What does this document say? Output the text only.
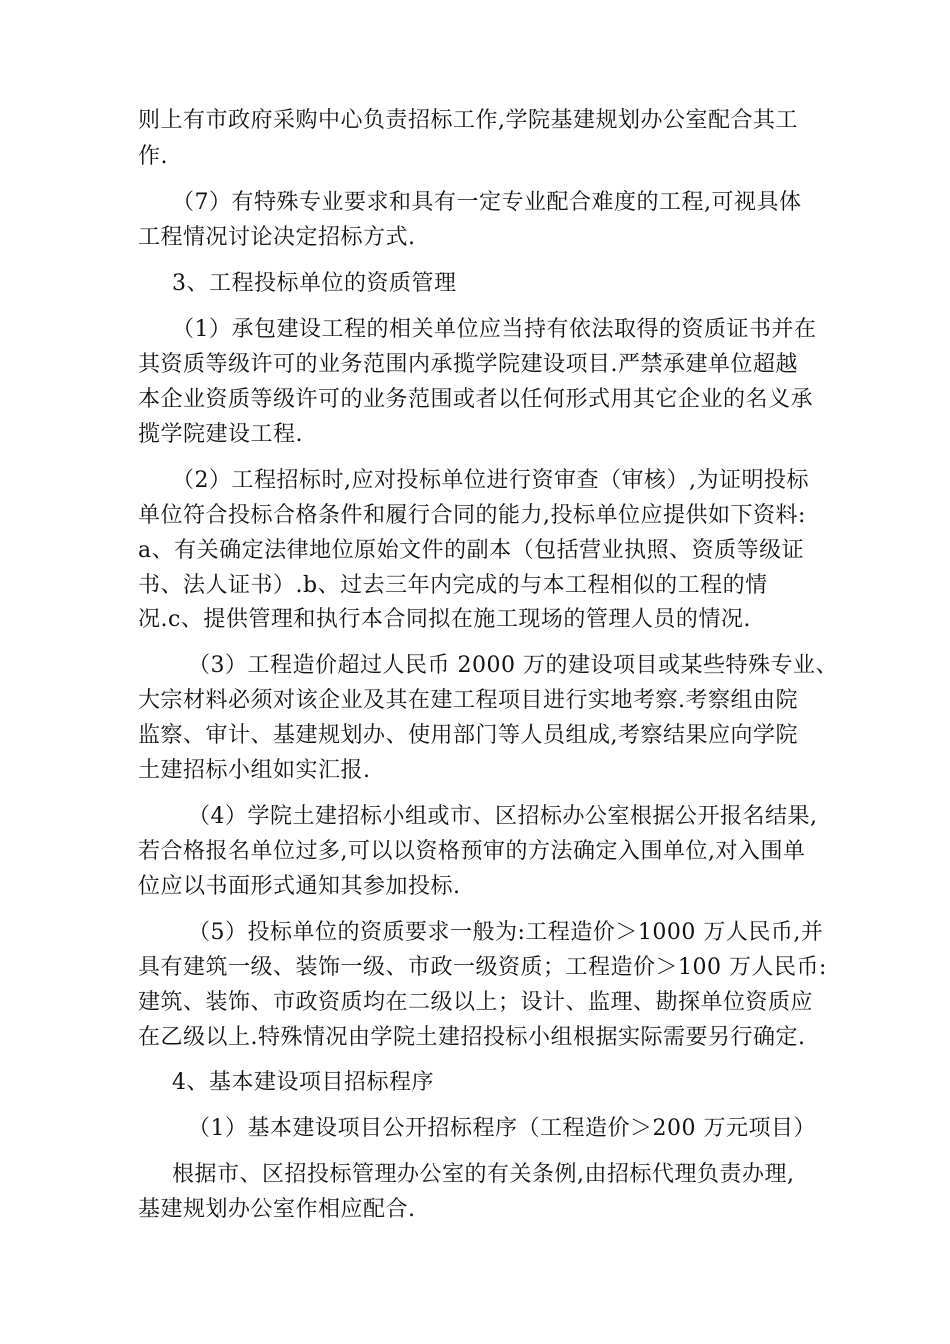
则上有市政府采购中心负责招标工作,学院基建规划办公室配合其工
作.
（7）有特殊专业要求和具有一定专业配合难度的工程,可视具体
工程情况讨论决定招标方式.
3、工程投标单位的资质管理
（1）承包建设工程的相关单位应当持有依法取得的资质证书并在
其资质等级许可的业务范围内承揽学院建设项目.严禁承建单位超越
本企业资质等级许可的业务范围或者以任何形式用其它企业的名义承
揽学院建设工程.
（2）工程招标时,应对投标单位进行资审查（审核）,为证明投标
单位符合投标合格条件和履行合同的能力,投标单位应提供如下资料:
a、有关确定法律地位原始文件的副本（包括营业执照、资质等级证
书、法人证书）.b、过去三年内完成的与本工程相似的工程的情
况.c、提供管理和执行本合同拟在施工现场的管理人员的情况.
（3）工程造价超过人民币 2000 万的建设项目或某些特殊专业、
大宗材料必须对该企业及其在建工程项目进行实地考察.考察组由院
监察、审计、基建规划办、使用部门等人员组成,考察结果应向学院
土建招标小组如实汇报.
（4）学院土建招标小组或市、区招标办公室根据公开报名结果,
若合格报名单位过多,可以以资格预审的方法确定入围单位,对入围单
位应以书面形式通知其参加投标.
（5）投标单位的资质要求一般为:工程造价＞1000 万人民币,并
具有建筑一级、装饰一级、市政一级资质；工程造价＞100 万人民币:
建筑、装饰、市政资质均在二级以上；设计、监理、勘探单位资质应
在乙级以上.特殊情况由学院土建招投标小组根据实际需要另行确定.
4、基本建设项目招标程序
（1）基本建设项目公开招标程序（工程造价＞200 万元项目）
根据市、区招投标管理办公室的有关条例,由招标代理负责办理,
基建规划办公室作相应配合.
